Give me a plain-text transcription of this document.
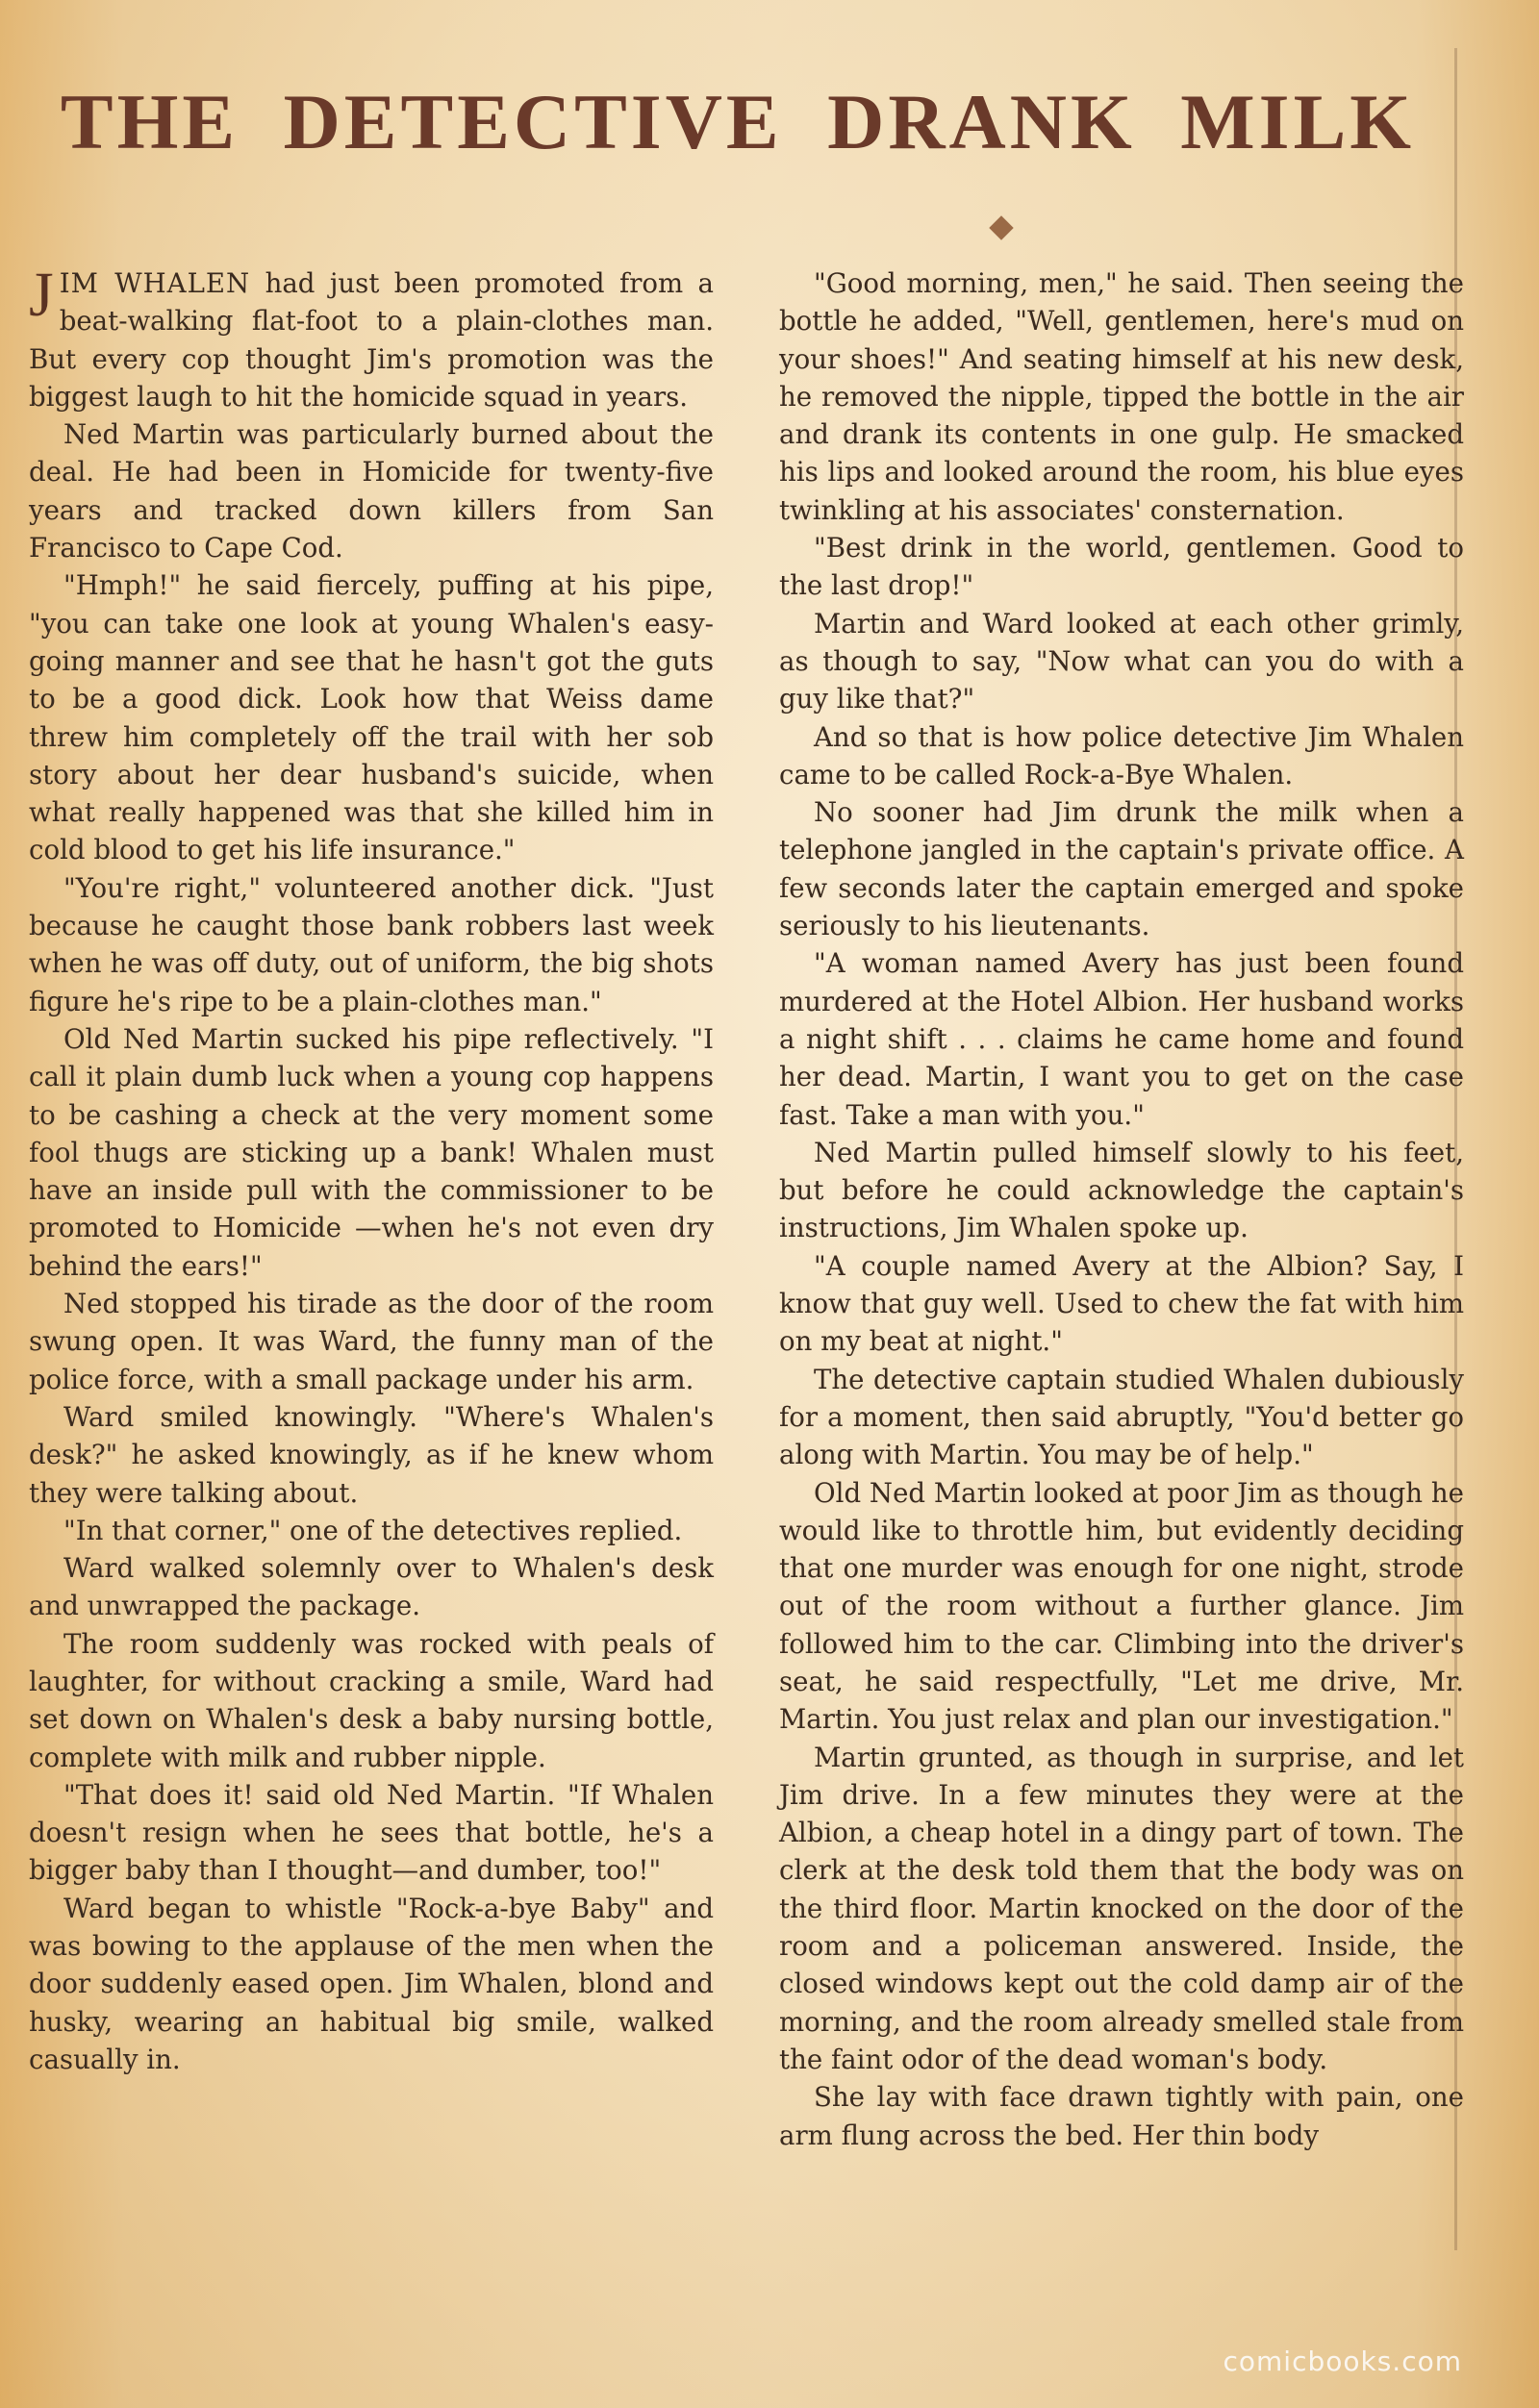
THE DETECTIVE DRANK MILK

JIM WHALEN had just been promoted from a beat-walking flat-foot to a plain-clothes man. But every cop thought Jim's promotion was the biggest laugh to hit the homicide squad in years.

Ned Martin was particularly burned about the deal. He had been in Homicide for twenty-five years and tracked down killers from San Francisco to Cape Cod.

"Hmph!" he said fiercely, puffing at his pipe, "you can take one look at young Whalen's easy-going manner and see that he hasn't got the guts to be a good dick. Look how that Weiss dame threw him completely off the trail with her sob story about her dear husband's suicide, when what really happened was that she killed him in cold blood to get his life insurance."

"You're right," volunteered another dick. "Just because he caught those bank robbers last week when he was off duty, out of uniform, the big shots figure he's ripe to be a plain-clothes man."

Old Ned Martin sucked his pipe reflectively. "I call it plain dumb luck when a young cop happens to be cashing a check at the very moment some fool thugs are sticking up a bank! Whalen must have an inside pull with the commissioner to be promoted to Homicide —when he's not even dry behind the ears!"

Ned stopped his tirade as the door of the room swung open. It was Ward, the funny man of the police force, with a small package under his arm.

Ward smiled knowingly. "Where's Whalen's desk?" he asked knowingly, as if he knew whom they were talking about.

"In that corner," one of the detectives replied.

Ward walked solemnly over to Whalen's desk and unwrapped the package.

The room suddenly was rocked with peals of laughter, for without cracking a smile, Ward had set down on Whalen's desk a baby nursing bottle, complete with milk and rubber nipple.

"That does it! said old Ned Martin. "If Whalen doesn't resign when he sees that bottle, he's a bigger baby than I thought—and dumber, too!"

Ward began to whistle "Rock-a-bye Baby" and was bowing to the applause of the men when the door suddenly eased open. Jim Whalen, blond and husky, wearing an habitual big smile, walked casually in.

"Good morning, men," he said. Then seeing the bottle he added, "Well, gentlemen, here's mud on your shoes!" And seating himself at his new desk, he removed the nipple, tipped the bottle in the air and drank its contents in one gulp. He smacked his lips and looked around the room, his blue eyes twinkling at his associates' consternation.

"Best drink in the world, gentlemen. Good to the last drop!"

Martin and Ward looked at each other grimly, as though to say, "Now what can you do with a guy like that?"

And so that is how police detective Jim Whalen came to be called Rock-a-Bye Whalen.

No sooner had Jim drunk the milk when a telephone jangled in the captain's private office. A few seconds later the captain emerged and spoke seriously to his lieutenants.

"A woman named Avery has just been found murdered at the Hotel Albion. Her husband works a night shift . . . claims he came home and found her dead. Martin, I want you to get on the case fast. Take a man with you."

Ned Martin pulled himself slowly to his feet, but before he could acknowledge the captain's instructions, Jim Whalen spoke up.

"A couple named Avery at the Albion? Say, I know that guy well. Used to chew the fat with him on my beat at night."

The detective captain studied Whalen dubiously for a moment, then said abruptly, "You'd better go along with Martin. You may be of help."

Old Ned Martin looked at poor Jim as though he would like to throttle him, but evidently deciding that one murder was enough for one night, strode out of the room without a further glance. Jim followed him to the car. Climbing into the driver's seat, he said respectfully, "Let me drive, Mr. Martin. You just relax and plan our investigation."

Martin grunted, as though in surprise, and let Jim drive. In a few minutes they were at the Albion, a cheap hotel in a dingy part of town. The clerk at the desk told them that the body was on the third floor. Martin knocked on the door of the room and a policeman answered. Inside, the closed windows kept out the cold damp air of the morning, and the room already smelled stale from the faint odor of the dead woman's body.

She lay with face drawn tightly with pain, one arm flung across the bed. Her thin body

comicbooks.com
